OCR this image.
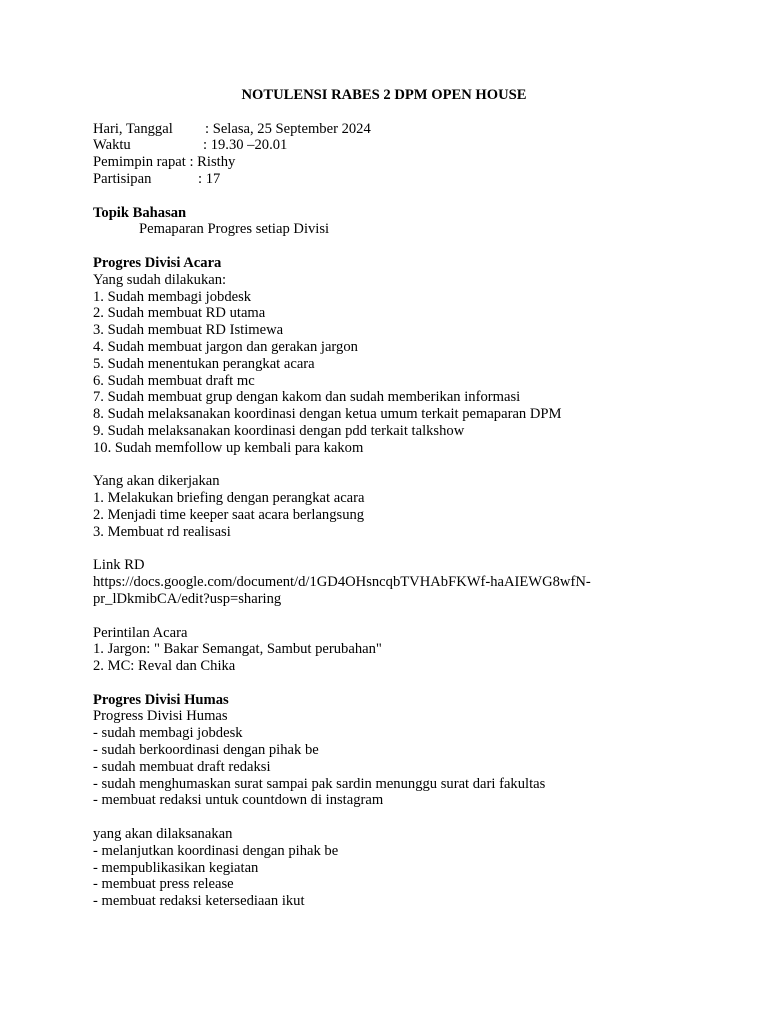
NOTULENSI RABES 2 DPM OPEN HOUSE
Hari, Tanggal	: Selasa, 25 September 2024
Waktu	: 19.30 –20.01
Pemimpin rapat : Risthy
Partisipan	: 17
Topik Bahasan
Pemaparan Progres setiap Divisi
Progres Divisi Acara
Yang sudah dilakukan:
1. Sudah membagi jobdesk
2. Sudah membuat RD utama
3. Sudah membuat RD Istimewa
4. Sudah membuat jargon dan gerakan jargon
5. Sudah menentukan perangkat acara
6. Sudah membuat draft mc
7. Sudah membuat grup dengan kakom dan sudah memberikan informasi
8. Sudah melaksanakan koordinasi dengan ketua umum terkait pemaparan DPM
9. Sudah melaksanakan koordinasi dengan pdd terkait talkshow
10. Sudah memfollow up kembali para kakom
Yang akan dikerjakan
1. Melakukan briefing dengan perangkat acara
2. Menjadi time keeper saat acara berlangsung
3. Membuat rd realisasi
Link RD
https://docs.google.com/document/d/1GD4OHsncqbTVHAbFKWf-haAIEWG8wfN-
pr_lDkmibCA/edit?usp=sharing
Perintilan Acara
1. Jargon: " Bakar Semangat, Sambut perubahan"
2. MC: Reval dan Chika
Progres Divisi Humas
Progress Divisi Humas
- sudah membagi jobdesk
- sudah berkoordinasi dengan pihak be
- sudah membuat draft redaksi
- sudah menghumaskan surat sampai pak sardin menunggu surat dari fakultas
- membuat redaksi untuk countdown di instagram
yang akan dilaksanakan
- melanjutkan koordinasi dengan pihak be
- mempublikasikan kegiatan
- membuat press release
- membuat redaksi ketersediaan ikut
